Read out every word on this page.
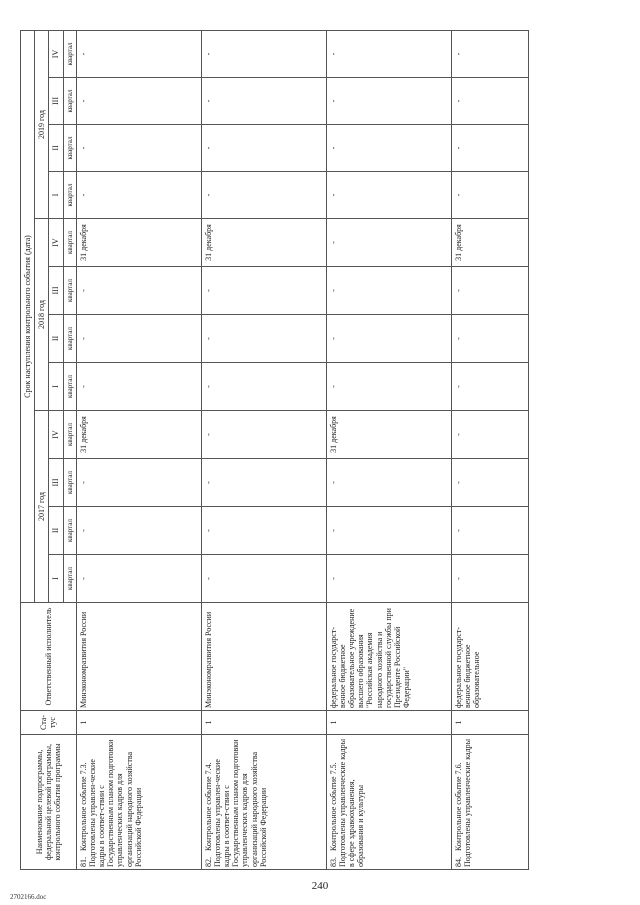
240
2702166.doc
Наименование подпрограммы, федеральной целевой программы, контрольного события программы	Ста-тус	Ответственный исполнитель	Срок наступления контрольного события (дата)											
			2017 год				2018 год				2019 год			
			I	II	III	IV	I	II	III	IV	I	II	III	IV
			квартал	квартал	квартал	квартал	квартал	квартал	квартал	квартал	квартал	квартал	квартал	квартал
81.Контрольное событие 7.3. Подготовлены управлен-ческие кадры в соответ-ствии с Государственным планом подготовки управленческих кадров для организаций народного хозяйства Российской Федерации	1	Минэкономразвития России	-	-	-	31 декабря	-	-	-	31 декабря	-	-	-	-
82.Контрольное событие 7.4. Подготовлены управлен-ческие кадры в соответ-ствии с Государственным планом подготовки управленческих кадров для организаций народного хозяйства Российской Федерации	1	Минэкономразвития России	-	-	-	-	-	-	-	31 декабря	-	-	-	-
83.Контрольное событие 7.5. Подготовлены управленческие кадры в сфере здравоохранения, образования и культуры	1	федеральное государст-венное бюджетное образовательное учреждение высшего образования "Российская академия народного хозяйства и государственной службы при Президенте Российской Федерации"	-	-	-	31 декабря	-	-	-	-	-	-	-	-
84.Контрольное событие 7.6. Подготовлены управленческие кадры	1	федеральное государст-венное бюджетное образовательное	-	-	-	-	-	-	-	31 декабря	-	-	-	-
